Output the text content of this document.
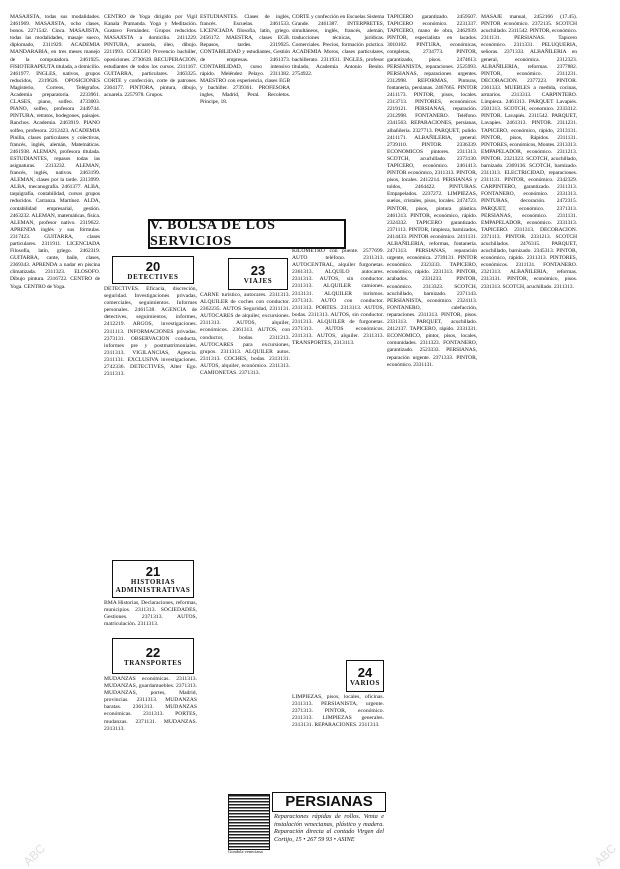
MASAJISTA, todas sus modalidades. 2461969. MASAJISTA, ocho clases, bonos. 2271542. Cinca. MASAJISTA, todas las modalidades, masaje sueco, diplomado, 2311929. ACADEMIA MANDARABIA, en tres meses manejo de la computadora. 2461925. FISIOTERAPEUTA titulada, a domicilio. 2461977. INGLES, nativos, grupos reducidos, 2319626. OPOSICIONES Magisterio, Correos, Telégrafos. Academia preparatoria. 2233961. CLASES, piano, solfeo. 4733003. PIANO, solfeo, profesora 2449744. PINTURA, retratos, bodegones, paisajes. Ranchos. Academia. 2463919. PIANO solfeo, profesora. 2212423. ACADEMIA Pinilla, clases particulares y colectivas, francés, inglés, alemán, Matemáticas. 2461938. ALEMAN, profesora titulada. ESTUDIANTES, repasos todas las asignaturas. 2313232. ALEMAN, francés, inglés, nativos. 2463199. ALEMAN, clases por la tarde. 2313999. ALBA, mecanografía. 2461377. ALBA, taquigrafía, contabilidad, cursos grupos reducidos. Carranza. Martínez. ALDA, contabilidad empresarial, gestión. 2463232. ALEMAN, matemáticas, física. ALEMAN, profesor nativo. 2319622. APRENDA inglés y sus fórmulas. 2317423. GUITARRA, clases particulares. 2311911. LICENCIADA Filosofía, latín, griego. 2462319. GUITARRA, cante, baile, clases, 2369343. APRENDA a nadar en piscina climatizada. 2311323. ELOSOFO. Dibujo pintura. 2316722. CENTRO de Yoga. CENTRO de Yoga.

CENTRO de Yoga dirigido por Vigil Kanala Pramanda. Yoga y Meditación. Gustavo Fernández. Grupos reducidos. MASAJISTA a domicilio. 2411229. PINTURA, acuarela, óleo, dibujo. 2211993. COLEGIO Provencio bachiller, oposiciones. 2730639. RECUPERACION, estudiantes de todos los cursos. 2311167. GUITARRA, particulares. 2463325. CORTE y confección, corte de patrones. 2364177. PINTORA, pintura, dibujo, acuarela. 2257978. Grupos.

ESTUDIANTES. Clases de inglés, francés. Escuelas. 2461533. LICENCIADA filosofía, latín, griego. 2456172. MAESTRA, clases EGB. Repasos, tardes. 2319925. CONTABILIDAD y estudiantes, Gestión de empresas. 2461373. CONTABILIDAD, curso intensivo rápido. Meléndez Pelayo. 2311382. MAESTRO con experiencia, clases EGB y bachiller. 2739361. PROFESORA ingles, Madrid, Peral. Recoletos. Principe, 18.

CORTE y confección en Escuelas Sistema Grande. 2461387. INTERPRETES, simultáneos, inglés, francés, alemán, traducciones técnicas, jurídicas. Comerciales. Precios, formación práctica. ACADEMIA Moros, clases particulares, bachillerato. 2311931. INGLES, profesor titulado, Academia Antonio Benito. 2754922.

TAPICERO garantizado. 2459507. TAPICERO económico. 2231337. TAPICERO, mano de obra, 2462939. PINTOR, especialista en lacados. 3010102. PINTURA, económicas, completas, 2734773. PINTOR, garantizado, pisos. 2474613. PERSIANISTA, reparaciones. 2525993. PERSIANAS, reparaciones urgentes. 2312998. REFORMAS, Pinturas, fontanería, persianas. 2467665. PINTOR 2411173. PINTOR, pisos, locales. 2313713. PINTORES, económicos. 2219121. PERSIANAS, reparación. 2312998. FONTANERO. Teléfono. 2341563. REPARACIONES, persianas, albañilería. 2327713. PARQUET, pulido. 2411171. ALBAÑILERIA, general. 2739110. PINTOR. 2336339. ECONOMICOS pintores. 2311313. SCOTCH, acuchillado. 2373130. TAPICERO, económico. 2461413. PINTOR económico, 2311313. PINTOR, pisos, locales. 2412214. PERSIANAS y toldos, 2464422. PINTURAS. Empapelados. 2237272. LIMPIEZAS, suelos, cristales, pisos, locales. 2474723. PINTOR, pisos, pintura plástica. 2461313. PINTOR, económico, rápido. 2324332. TAPICERO garantizado. 2371113. PINTOR, limpieza, barnizados, 2414433. PINTOR económico. 2411131. ALBAÑILERIA, reformas, fontanería. 2471313. PERSIANAS, reparación urgente, económica. 2739131. PINTOR económico. 2323333. TAPICERO, económico, rápido. 2231313. PINTOR, acabados. 2331233. PINTOR, económico. 2313323. SCOTCH, acuchillado, barnizado. 2371143. PERSIANISTA, económico. 2324113. FONTANERO, calefacción, reparaciones. 2311313. PINTOR, pisos. 2331313. PARQUET, acuchillado. 2412137. TAPICERO, rápido. 2331331. ECONOMICO, pintor, pisos, locales, comunidades. 2311323. FONTANERO, garantizado. 2523333. PERSIANAS, reparación urgente. 2371333. PINTOR, económico. 2331131.

MASAJE manual, 2452166 (17.45). PINTOR económico. 2372135. SCOTCH acuchillado. 2311542. PINTOR, económico. 2311131. PERSIANAS. Tapicero económico. 2311331. PELUQUERIA, señoras. 2371333. ALBAÑILERIA en general, económica. 2312323. ALBAÑILERIA, reformas. 2377882. PINTOR, económico. 2311231. DECORACION. 2377223. PINTOR. 2361333. MUEBLES a medida, cocinas, armarios. 2313313. CARPINTERO. Limpieza. 2461313. PARQUET Lavapiés. 2501313. SCOTCH, economico. 2333312. PINTOR. Lavapiés. 2311542. PARQUET, Lavapies. 2461313. PINTOR. 2311231. TAPICERO, económico, rápido, 2313131. PINTOR, pisos, Rápidos. 2311131. PINTORES, económicos, Montes. 2313313. EMPAPELADOR, económico. 2311213. PINTOR. 2321323. SCOTCH, acuchillado, barnizado. 2369136. SCOTCH, barnizado. 2311313. ELECTRICIDAD, reparaciones. 2311131. PINTOR, económico. 2342329. CARPINTERO, garantizado. 2311313. FONTANERO, económico. 2331313. PINTURAS, decoración. 2472315. PARQUET, económico. 2371313. PERSIANAS, económico. 2311131. EMPAPELADOR, económico. 2331313. TAPICERO. 2311313. DECORACION. 2371113. PINTOR. 2331213. SCOTCH acuchillados. 2476315. PARQUET, acuchillado, barnizado. 2345313. PINTOR, económico, rápido. 2311313. PINTORES, económicos. 2311131. FONTANERO. 2321313. ALBAÑILERIA, reformas. 2313131. PINTOR, económico, pisos. 2331313. SCOTCH, acuchillado. 2311313.

V. BOLSA DE LOS SERVICIOS
20
DETECTIVES	23
VIAJES
21
HISTORIAS ADMINISTRATIVAS
22
TRANSPORTES
24
VARIOS

DETECTIVES. Eficacia, discreción, seguridad. Investigaciones privadas, comerciales, seguimientos. Informes personales. 2461538. AGENCIA de detectives, seguimientos, informes, 2412219. ARGOS, investigaciones. 2311113. INFORMACIONES privadas. 2373131. OBSERVACION conducta, informes pre y postmatrimoniales. 2311313. VIGILANCIAS, Agencia. 2311131. EXCLUSIVA investigaciones. 2742336. DETECTIVES, Alter Ego. 2311313.

CARNE turístico, autocares. 2311313. ALQUILER de coches con conductor. 2362235. AUTOS Seguridad, 2311131. AUTOCARES de alquiler, excursiones. 2311313. AUTOS, alquiler, económicos. 2361313. AUTOS, con conductor, bodas. 2311213. AUTOCARES para excursiones, grupos. 2311313. ALQUILER autos. 2311313. COCHES, bodas. 2313131. AUTOS, alquiler, económico. 2311313. CAMIONETAS. 2371313.

BMA Historias, Declaraciones, reformas, municipios. 2311313. SOCIEDADES, Gestiones. 2371313. AUTOS, matriculación. 2311313.

MUDANZAS económicas. 2311313. MUDANZAS, guardamuebles. 2371313. MUDANZAS, portes, Madrid, provincias. 2311313. MUDANZAS baratas. 2361313. MUDANZAS económicas. 2311313. PORTES, mudanzas. 2371131. MUDANZAS. 2313113.

KILOMETRO con puente. 2577699. AUTO teléfono. 2311313. AUTOCENTRAL, alquiler furgonetas. 2361313. ALQUILO autocares. 2311313. AUTOS, sin conductor. 2311313. ALQUILER camiones. 2313131. ALQUILER turismos. 2371313. AUTO con conductor. 2311313. PORTES. 2313113. AUTOS, bodas. 2311313. AUTOS, sin conductor. 2311313. ALQUILER de furgonetas. 2371313. AUTOS económicos. 2311313. AUTOS, alquiler. 2311313. TRANSPORTES, 2313113.

LIMPIEZAS, pisos, locales, oficinas. 2311313. PERSIANISTA, urgente. 2371313. PINTOR, económico. 2311313. LIMPIEZAS generales. 2313131. REPARACIONES. 2311313.

Gondola veneciana
PERSIANAS
Reparaciones rápidas de rollos. Venta e instalación venecianas, plástico y madera. Reparación directa al contado Virgen del Cortijo, 15 • 267 59 93 • ASINE
ABC	ABC
